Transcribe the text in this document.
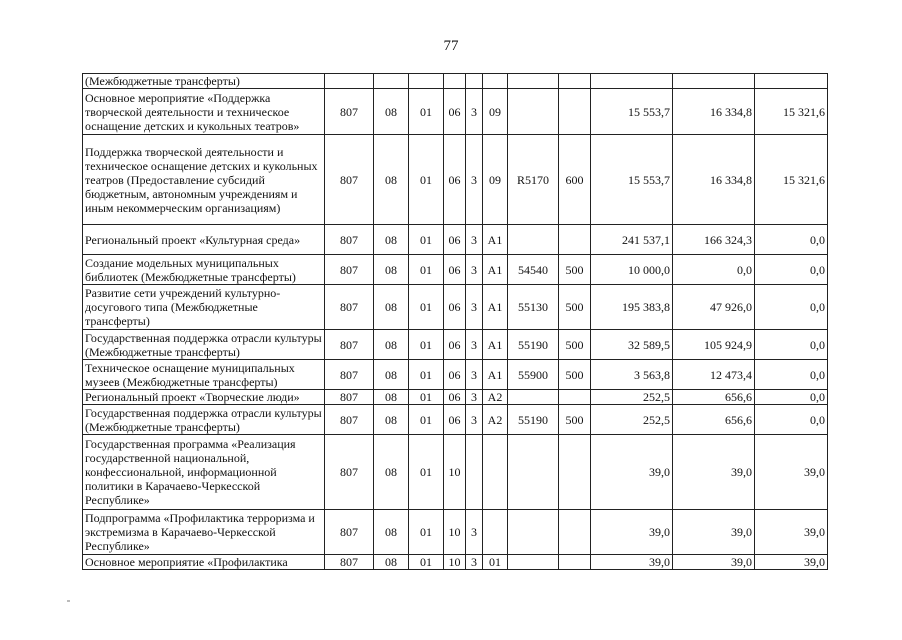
77
(Межбюджетные трансферты)											
Основное мероприятие «Поддержка творческой деятельности и техническое оснащение детских и кукольных театров»	807	08	01	06	3	09			15 553,7	16 334,8	15 321,6
Поддержка творческой деятельности и техническое оснащение детских и кукольных театров (Предоставление субсидий бюджетным, автономным учреждениям и иным некоммерческим организациям)	807	08	01	06	3	09	R5170	600	15 553,7	16 334,8	15 321,6
Региональный проект «Культурная среда»	807	08	01	06	3	A1			241 537,1	166 324,3	0,0
Создание модельных муниципальных библиотек (Межбюджетные трансферты)	807	08	01	06	3	A1	54540	500	10 000,0	0,0	0,0
Развитие сети учреждений культурно-досугового типа (Межбюджетные трансферты)	807	08	01	06	3	A1	55130	500	195 383,8	47 926,0	0,0
Государственная поддержка отрасли культуры (Межбюджетные трансферты)	807	08	01	06	3	A1	55190	500	32 589,5	105 924,9	0,0
Техническое оснащение муниципальных музеев (Межбюджетные трансферты)	807	08	01	06	3	A1	55900	500	3 563,8	12 473,4	0,0
Региональный проект «Творческие люди»	807	08	01	06	3	A2			252,5	656,6	0,0
Государственная поддержка отрасли культуры (Межбюджетные трансферты)	807	08	01	06	3	A2	55190	500	252,5	656,6	0,0
Государственная программа «Реализация государственной национальной, конфессиональной, информационной политики в Карачаево-Черкесской Республике»	807	08	01	10					39,0	39,0	39,0
Подпрограмма «Профилактика терроризма и экстремизма в Карачаево-Черкесской Республике»	807	08	01	10	3				39,0	39,0	39,0
Основное мероприятие «Профилактика	807	08	01	10	3	01			39,0	39,0	39,0
